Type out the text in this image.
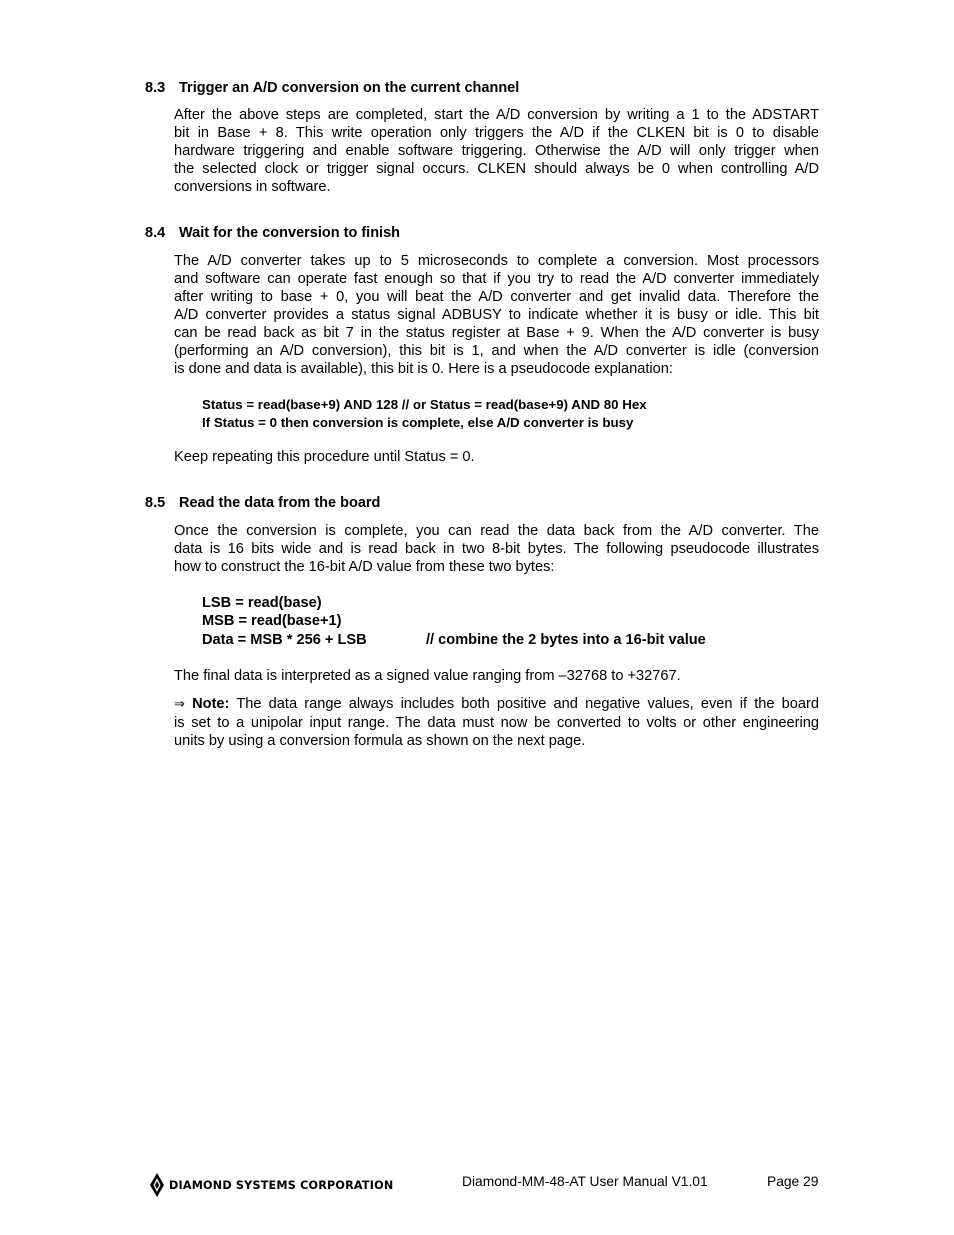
8.3 Trigger an A/D conversion on the current channel
After the above steps are completed, start the A/D conversion by writing a 1 to the ADSTART
bit in Base + 8. This write operation only triggers the A/D if the CLKEN bit is 0 to disable
hardware triggering and enable software triggering. Otherwise the A/D will only trigger when
the selected clock or trigger signal occurs. CLKEN should always be 0 when controlling A/D
conversions in software.
8.4 Wait for the conversion to finish
The A/D converter takes up to 5 microseconds to complete a conversion. Most processors
and software can operate fast enough so that if you try to read the A/D converter immediately
after writing to base + 0, you will beat the A/D converter and get invalid data. Therefore the
A/D converter provides a status signal ADBUSY to indicate whether it is busy or idle. This bit
can be read back as bit 7 in the status register at Base + 9. When the A/D converter is busy
(performing an A/D conversion), this bit is 1, and when the A/D converter is idle (conversion
is done and data is available), this bit is 0. Here is a pseudocode explanation:
Status = read(base+9) AND 128 // or Status = read(base+9) AND 80 Hex
If Status = 0 then conversion is complete, else A/D converter is busy
Keep repeating this procedure until Status = 0.
8.5 Read the data from the board
Once the conversion is complete, you can read the data back from the A/D converter. The
data is 16 bits wide and is read back in two 8-bit bytes. The following pseudocode illustrates
how to construct the 16-bit A/D value from these two bytes:
LSB = read(base)
MSB = read(base+1)
Data = MSB * 256 + LSB	// combine the 2 bytes into a 16-bit value
The final data is interpreted as a signed value ranging from –32768 to +32767.
⇒ Note: The data range always includes both positive and negative values, even if the board
is set to a unipolar input range. The data must now be converted to volts or other engineering
units by using a conversion formula as shown on the next page.
DIAMOND SYSTEMS CORPORATION	Diamond-MM-48-AT User Manual V1.01	Page 29
